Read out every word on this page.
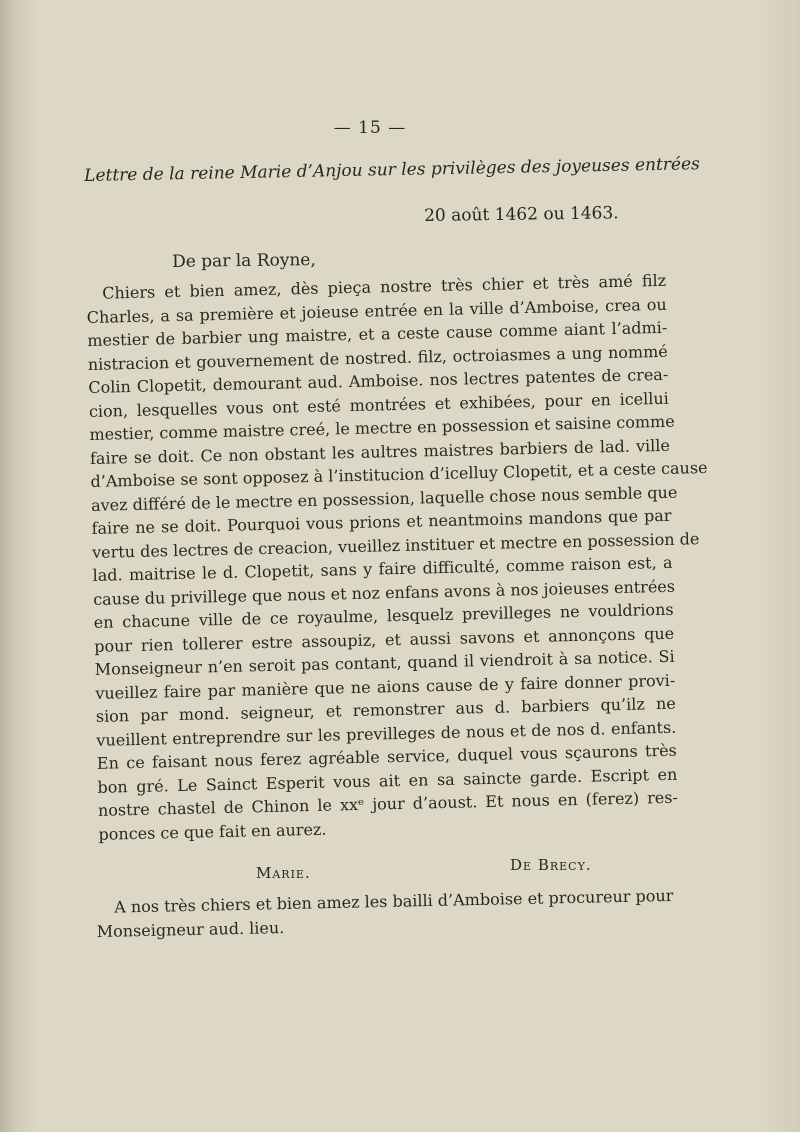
— 15 —
Lettre de la reine Marie d’Anjou sur les privilèges des joyeuses entrées
20 août 1462 ou 1463.
De par la Royne,
Chiers et bien amez, dès pieça nostre très chier et très amé filz
Charles, a sa première et joieuse entrée en la ville d’Amboise, crea ou
mestier de barbier ung maistre, et a ceste cause comme aiant l’admi-
nistracion et gouvernement de nostred. filz, octroiasmes a ung nommé
Colin Clopetit, demourant aud. Amboise. nos lectres patentes de crea-
cion, lesquelles vous ont esté montrées et exhibées, pour en icellui
mestier, comme maistre creé, le mectre en possession et saisine comme
faire se doit. Ce non obstant les aultres maistres barbiers de lad. ville
d’Amboise se sont opposez à l’institucion d’icelluy Clopetit, et a ceste cause
avez différé de le mectre en possession, laquelle chose nous semble que
faire ne se doit. Pourquoi vous prions et neantmoins mandons que par
vertu des lectres de creacion, vueillez instituer et mectre en possession de
lad. maitrise le d. Clopetit, sans y faire difficulté, comme raison est, a
cause du privillege que nous et noz enfans avons à nos joieuses entrées
en chacune ville de ce royaulme, lesquelz previlleges ne vouldrions
pour rien tollerer estre assoupiz, et aussi savons et annonçons que
Monseigneur n’en seroit pas contant, quand il viendroit à sa notice. Si
vueillez faire par manière que ne aions cause de y faire donner provi-
sion par mond. seigneur, et remonstrer aus d. barbiers qu’ilz ne
vueillent entreprendre sur les previlleges de nous et de nos d. enfants.
En ce faisant nous ferez agréable service, duquel vous sçaurons très
bon gré. Le Sainct Esperit vous ait en sa saincte garde. Escript en
nostre chastel de Chinon le xxᵉ jour d’aoust. Et nous en (ferez) res-
ponces ce que fait en aurez.
Marie.	De Brecy.
A nos très chiers et bien amez les bailli d’Amboise et procureur pour
Monseigneur aud. lieu.
